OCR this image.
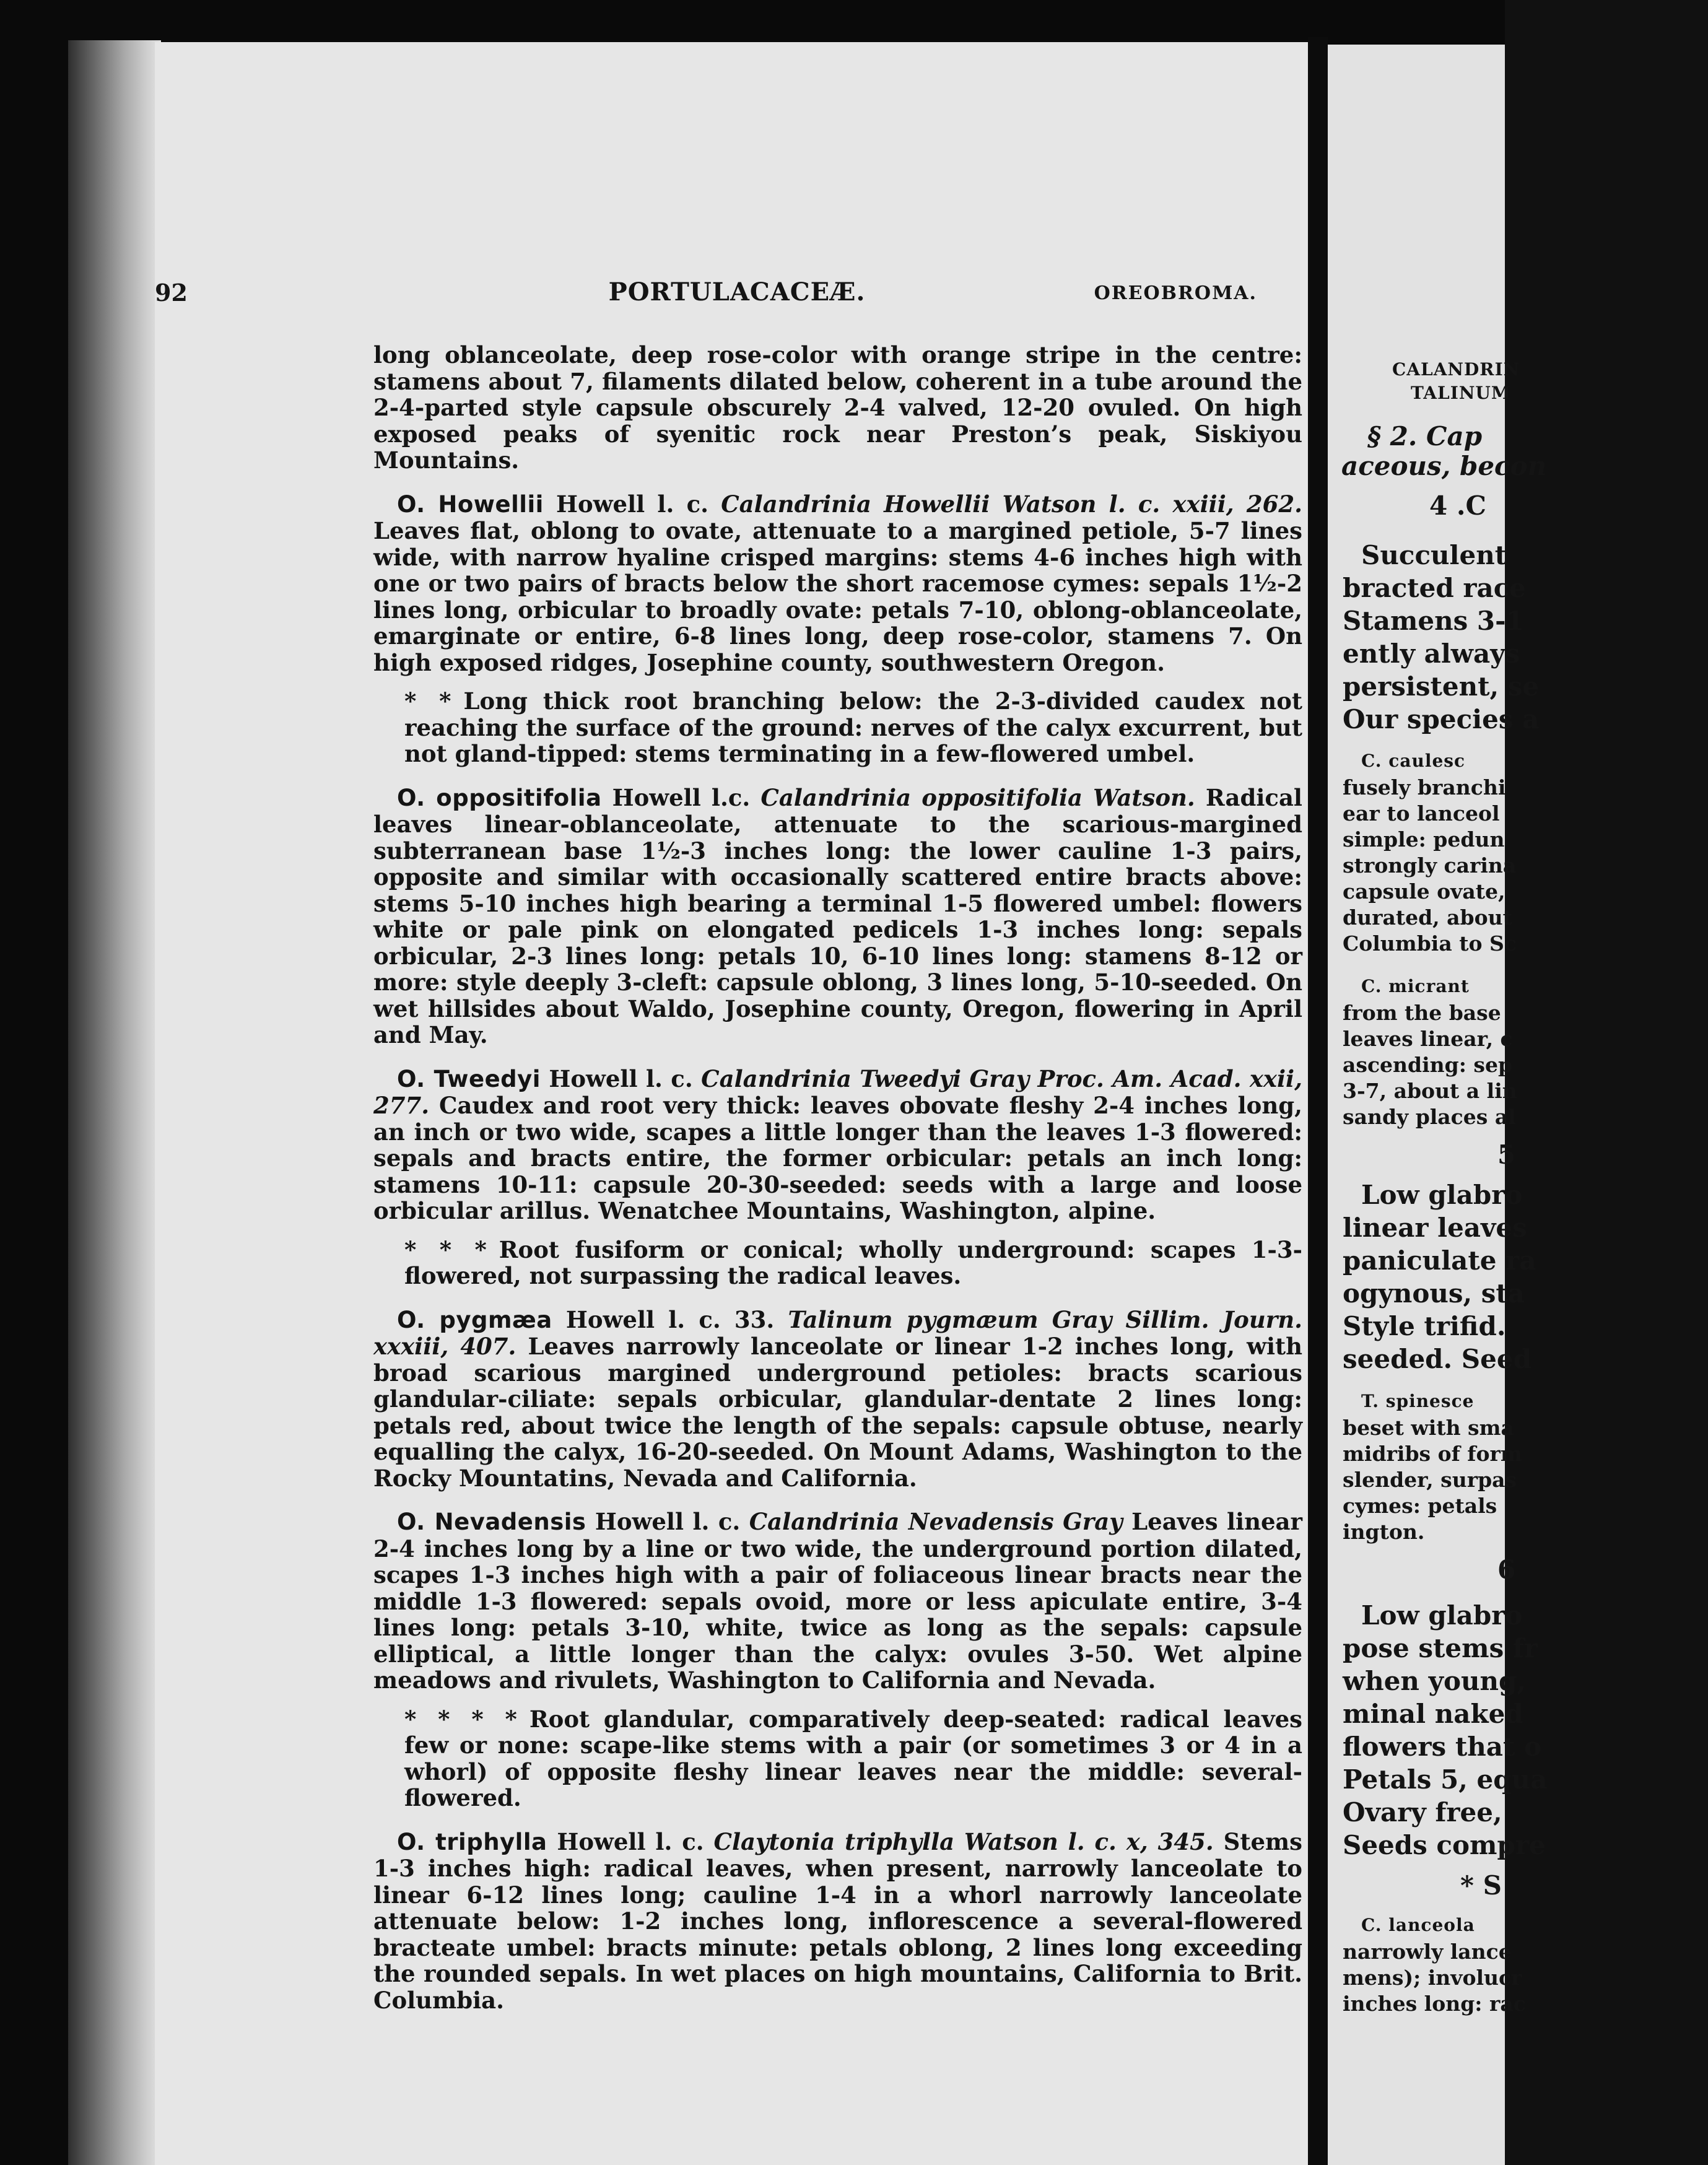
CALANDRIN
TALINUM
§ 2. Cap
aceous, becon
4 .C
Succulent
bracted race
Stamens 3-1
ently always
persistent, se
Our species a
C. caulesc
fusely branchi
ear to lanceol
simple: pedun
strongly carina
capsule ovate,
durated, about
Columbia to Sc
C. micrant
from the base
leaves linear, c
ascending: sep
3-7, about a lin
sandy places al
5
Low glabro
linear leaves
paniculate ra
ogynous, sta
Style trifid.
seeded. Seed
T. spinesce
beset with sma
midribs of form
slender, surpas
cymes: petals
ington.
6
Low glabro
pose stems fr
when young,
minal naked
flowers that o
Petals 5, equa
Ovary free,
Seeds compre
* S
C. lanceola
narrowly lance
mens); involucr
inches long: rac
92	PORTULACACEÆ.	OREOBROMA.

long oblanceolate, deep rose-color with orange stripe in the centre: stamens about 7, filaments dilated below, coherent in a tube around the 2-4-parted style capsule obscurely 2-4 valved, 12-20 ovuled. On high exposed peaks of syenitic rock near Preston’s peak, Siskiyou Mountains.

O. Howellii Howell l. c. Calandrinia Howellii Watson l. c. xxiii, 262. Leaves flat, oblong to ovate, attenuate to a margined petiole, 5-7 lines wide, with narrow hyaline crisped margins: stems 4-6 inches high with one or two pairs of bracts below the short racemose cymes: sepals 1½-2 lines long, orbicular to broadly ovate: petals 7-10, oblong-oblanceolate, emarginate or entire, 6-8 lines long, deep rose-color, stamens 7. On high exposed ridges, Josephine county, southwestern Oregon.

* * Long thick root branching below: the 2-3-divided caudex not reaching the surface of the ground: nerves of the calyx excurrent, but not gland-tipped: stems terminating in a few-flowered umbel.

O. oppositifolia Howell l.c. Calandrinia oppositifolia Watson. Radical leaves linear-oblanceolate, attenuate to the scarious-margined subterranean base 1½-3 inches long: the lower cauline 1-3 pairs, opposite and similar with occasionally scattered entire bracts above: stems 5-10 inches high bearing a terminal 1-5 flowered umbel: flowers white or pale pink on elongated pedicels 1-3 inches long: sepals orbicular, 2-3 lines long: petals 10, 6-10 lines long: stamens 8-12 or more: style deeply 3-cleft: capsule oblong, 3 lines long, 5-10-seeded. On wet hillsides about Waldo, Josephine county, Oregon, flowering in April and May.

O. Tweedyi Howell l. c. Calandrinia Tweedyi Gray Proc. Am. Acad. xxii, 277. Caudex and root very thick: leaves obovate fleshy 2-4 inches long, an inch or two wide, scapes a little longer than the leaves 1-3 flowered: sepals and bracts entire, the former orbicular: petals an inch long: stamens 10-11: capsule 20-30-seeded: seeds with a large and loose orbicular arillus. Wenatchee Mountains, Washington, alpine.

* * * Root fusiform or conical; wholly underground: scapes 1-3-flowered, not surpassing the radical leaves.

O. pygmæa Howell l. c. 33. Talinum pygmæum Gray Sillim. Journ. xxxiii, 407. Leaves narrowly lanceolate or linear 1-2 inches long, with broad scarious margined underground petioles: bracts scarious glandular-ciliate: sepals orbicular, glandular-dentate 2 lines long: petals red, about twice the length of the sepals: capsule obtuse, nearly equalling the calyx, 16-20-seeded. On Mount Adams, Washington to the Rocky Mountatins, Nevada and California.

O. Nevadensis Howell l. c. Calandrinia Nevadensis Gray Leaves linear 2-4 inches long by a line or two wide, the underground portion dilated, scapes 1-3 inches high with a pair of foliaceous linear bracts near the middle 1-3 flowered: sepals ovoid, more or less apiculate entire, 3-4 lines long: petals 3-10, white, twice as long as the sepals: capsule elliptical, a little longer than the calyx: ovules 3-50. Wet alpine meadows and rivulets, Washington to California and Nevada.

* * * * Root glandular, comparatively deep-seated: radical leaves few or none: scape-like stems with a pair (or sometimes 3 or 4 in a whorl) of opposite fleshy linear leaves near the middle: several-flowered.

O. triphylla Howell l. c. Claytonia triphylla Watson l. c. x, 345. Stems 1-3 inches high: radical leaves, when present, narrowly lanceolate to linear 6-12 lines long; cauline 1-4 in a whorl narrowly lanceolate attenuate below: 1-2 inches long, inflorescence a several-flowered bracteate umbel: bracts minute: petals oblong, 2 lines long exceeding the rounded sepals. In wet places on high mountains, California to Brit. Columbia.
